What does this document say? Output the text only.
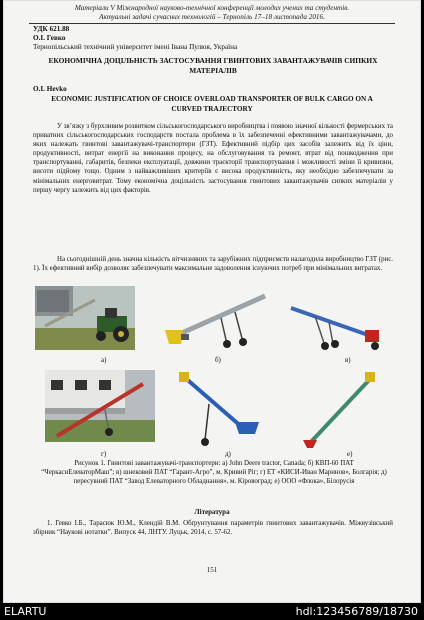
Матеріали V Міжнародної науково-технічної конференції молодих учених та студентів.
Актуальні задачі сучасних технологій – Тернопіль 17–18 листопада 2016.
УДК 621.88
О.І. Гевко
Тернопільський технічний університет імені Івана Пулюя, Україна
ЕКОНОМІЧНА ДОЦІЛЬНІСТЬ ЗАСТОСУВАННЯ ГВИНТОВИХ ЗАВАНТАЖУВАЧІВ СИПКИХ МАТЕРІАЛІВ
O.I. Hevko
ECONOMIC JUSTIFICATION OF CHOICE OVERLOAD TRANSPORTER OF BULK CARGO ON A CURVED TRAJECTORY
У зв’язку з бурхливим розвитком сільськогосподарського виробництва і появою значної кількості фермерських та приватних сільськогосподарських господарств постала проблема в їх забезпеченні ефективними завантажувачами, до яких належать гвинтові завантажувачі-транспортери (ГЗТ). Ефективний підбір цих засобів залежить від їх ціни, продуктивності, витрат енергії на виконання процесу, на обслуговування та ремонт, втрат від пошкодження при транспортуванні, габаритів, безпеки експлуатації, довжини траєкторії транспортування і можливості зміни її кривизни, висоти підйому тощо. Одним з найважливіших критеріїв є висока продуктивність, яку необхідно забезпечувати за мінімальних енерговитрат. Тому економічна доцільність застосування гвинтових завантажувачів сипких матеріалів у першу чергу залежить від цих факторів.
На сьогоднішній день значна кількість вітчизняних та зарубіжних підприємств налагодила виробництво ГЗТ (рис. 1). Їх ефективний вибір дозволяє забезпечувати максимальне задоволення існуючих потреб при мінімальних витратах.
а)	б)	в)
г)	д)	е)
Рисунок 1. Гвинтові завантажувачі-транспортери: а) John Deere tractor, Canada; б) КВП-60 ПАТ “ЧеркасиЕлеваторМаш”; в) шнековий ПАТ “Гарант-Агро”, м. Кривий Ріг; г) ЕТ «КИСИ-Иван Маринов», Болгарія; д) пересувний ПАТ “Завод Елеваторного Обладнання», м. Кіровоград; е) ООО «Флока», Білорусія
Література
1. Гевко І.Б., Тарасюк Ю.М., Клендій В.М. Обґрунтування параметрів гвинтових завантажувачів. Міжвузівський збірник “Наукові нотатки”. Випуск 44, ЛНТУ. Луцьк, 2014, с. 57-62.
151
ELARTU	hdl:123456789/18730
